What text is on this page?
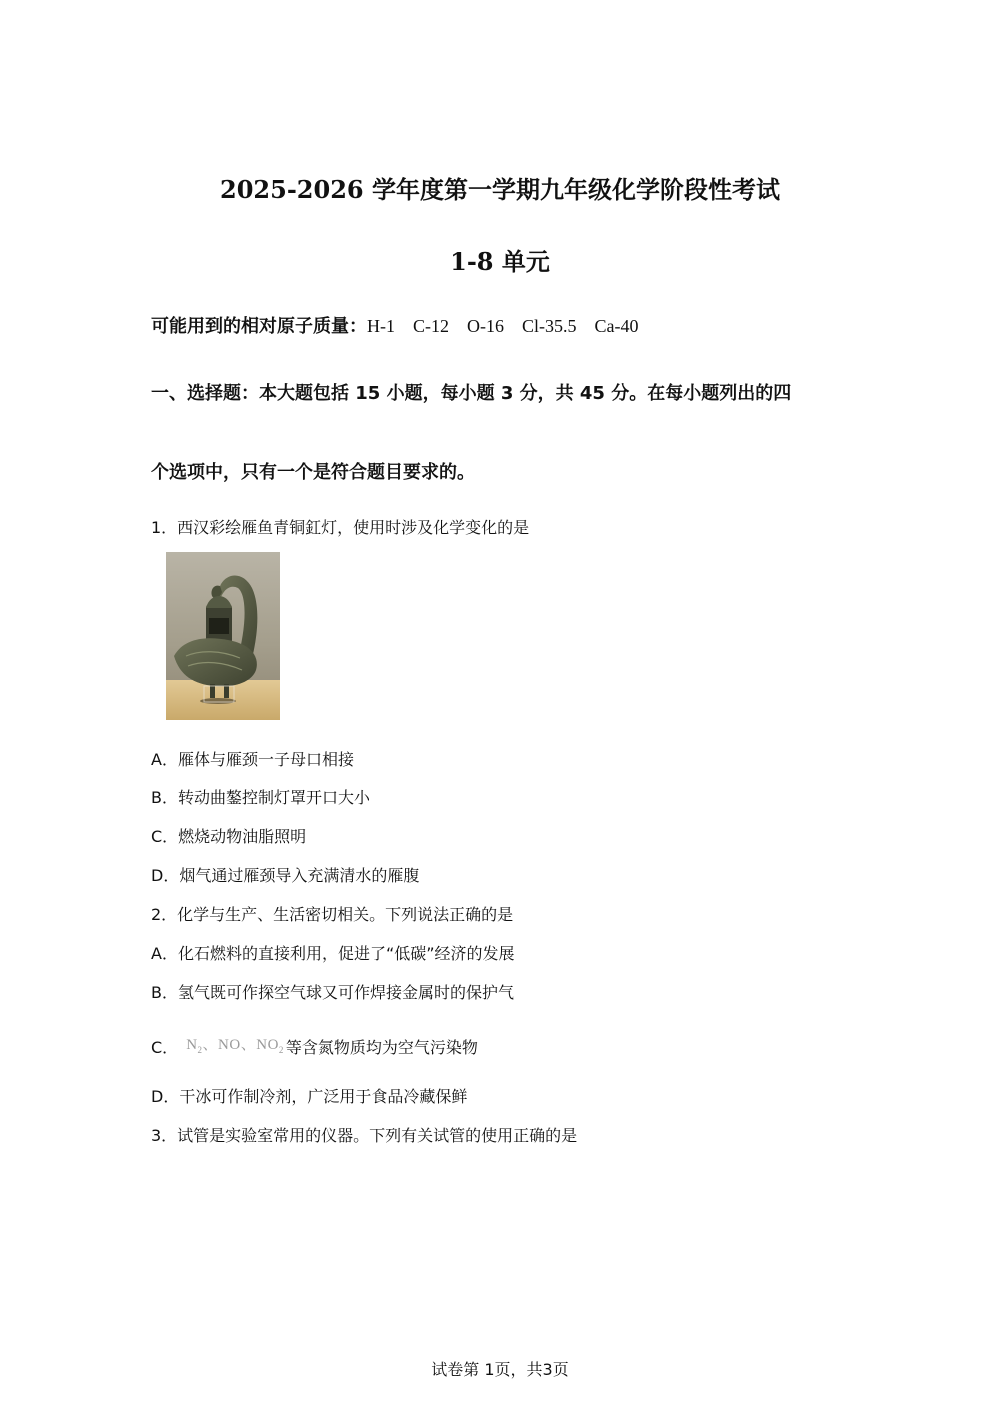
2025-2026 学年度第一学期九年级化学阶段性考试
1-8 单元
可能用到的相对原子质量：H-1 C-12 O-16 Cl-35.5 Ca-40
一、选择题：本大题包括 15 小题，每小题 3 分，共 45 分。在每小题列出的四
个选项中，只有一个是符合题目要求的。
1．西汉彩绘雁鱼青铜釭灯，使用时涉及化学变化的是
A．雁体与雁颈一子母口相接
B．转动曲鏊控制灯罩开口大小
C．燃烧动物油脂照明
D．烟气通过雁颈导入充满清水的雁腹
2．化学与生产、生活密切相关。下列说法正确的是
A．化石燃料的直接利用，促进了“低碳”经济的发展
B．氢气既可作探空气球又可作焊接金属时的保护气
C． $N_2$、NO、$NO_2$ 等含氮物质均为空气污染物
D．干冰可作制冷剂，广泛用于食品冷藏保鲜
3．试管是实验室常用的仪器。下列有关试管的使用正确的是
试卷第 1页，共3页
